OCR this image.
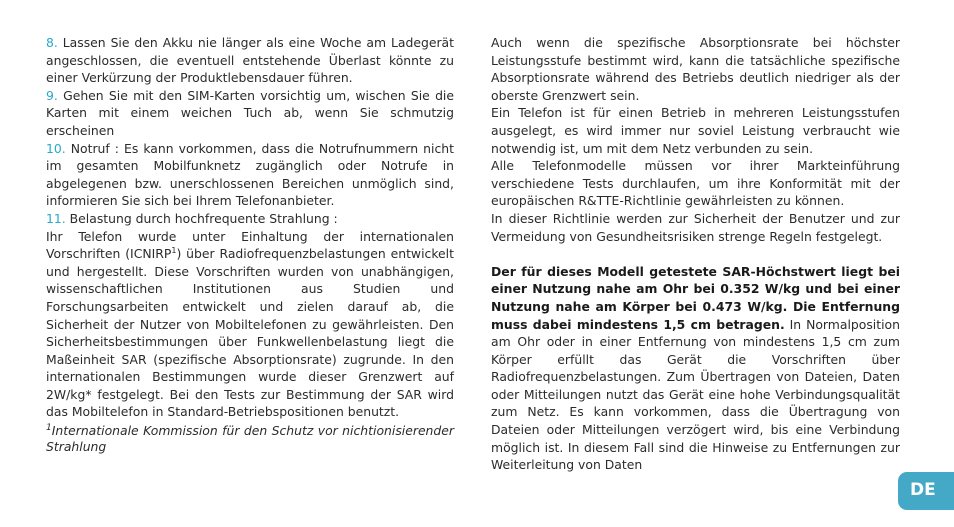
8. Lassen Sie den Akku nie länger als eine Woche am Ladegerät angeschlossen, die eventuell entstehende Überlast könnte zu einer Verkürzung der Produktlebensdauer führen.

9. Gehen Sie mit den SIM-Karten vorsichtig um, wischen Sie die Karten mit einem weichen Tuch ab, wenn Sie schmutzig erscheinen

10. Notruf : Es kann vorkommen, dass die Notrufnummern nicht im gesamten Mobilfunknetz zugänglich oder Notrufe in abgelegenen bzw. unerschlossenen Bereichen unmöglich sind, informieren Sie sich bei Ihrem Telefonanbieter.

11. Belastung durch hochfrequente Strahlung :

Ihr Telefon wurde unter Einhaltung der internationalen Vorschriften (ICNIRP$^1$) über Radiofrequenzbelastungen entwickelt und hergestellt. Diese Vorschriften wurden von unabhängigen, wissenschaftlichen Institutionen aus Studien und Forschungsarbeiten entwickelt und zielen darauf ab, die Sicherheit der Nutzer von Mobiltelefonen zu gewährleisten. Den Sicherheitsbestimmungen über Funkwellenbelastung liegt die Maßeinheit SAR (spezifische Absorptionsrate) zugrunde. In den internationalen Bestimmungen wurde dieser Grenzwert auf 2W/kg* festgelegt. Bei den Tests zur Bestimmung der SAR wird das Mobiltelefon in Standard-Betriebspositionen benutzt.

$^1$Internationale Kommission für den Schutz vor nichtionisierender Strahlung

Auch wenn die spezifische Absorptionsrate bei höchster Leistungsstufe bestimmt wird, kann die tatsächliche spezifische Absorptionsrate während des Betriebs deutlich niedriger als der oberste Grenzwert sein.

Ein Telefon ist für einen Betrieb in mehreren Leistungsstufen ausgelegt, es wird immer nur soviel Leistung verbraucht wie notwendig ist, um mit dem Netz verbunden zu sein.

Alle Telefonmodelle müssen vor ihrer Markteinführung verschiedene Tests durchlaufen, um ihre Konformität mit der europäischen R&TTE-Richtlinie gewährleisten zu können.

In dieser Richtlinie werden zur Sicherheit der Benutzer und zur Vermeidung von Gesundheitsrisiken strenge Regeln festgelegt.

Der für dieses Modell getestete SAR-Höchstwert liegt bei einer Nutzung nahe am Ohr bei 0.352 W/kg und bei einer Nutzung nahe am Körper bei 0.473 W/kg. Die Entfernung muss dabei mindestens 1,5 cm betragen. In Normalposition am Ohr oder in einer Entfernung von mindestens 1,5 cm zum Körper erfüllt das Gerät die Vorschriften über Radiofrequenzbelastungen. Zum Übertragen von Dateien, Daten oder Mitteilungen nutzt das Gerät eine hohe Verbindungsqualität zum Netz. Es kann vorkommen, dass die Übertragung von Dateien oder Mitteilungen verzögert wird, bis eine Verbindung möglich ist. In diesem Fall sind die Hinweise zu Entfernungen zur Weiterleitung von Daten

DE
